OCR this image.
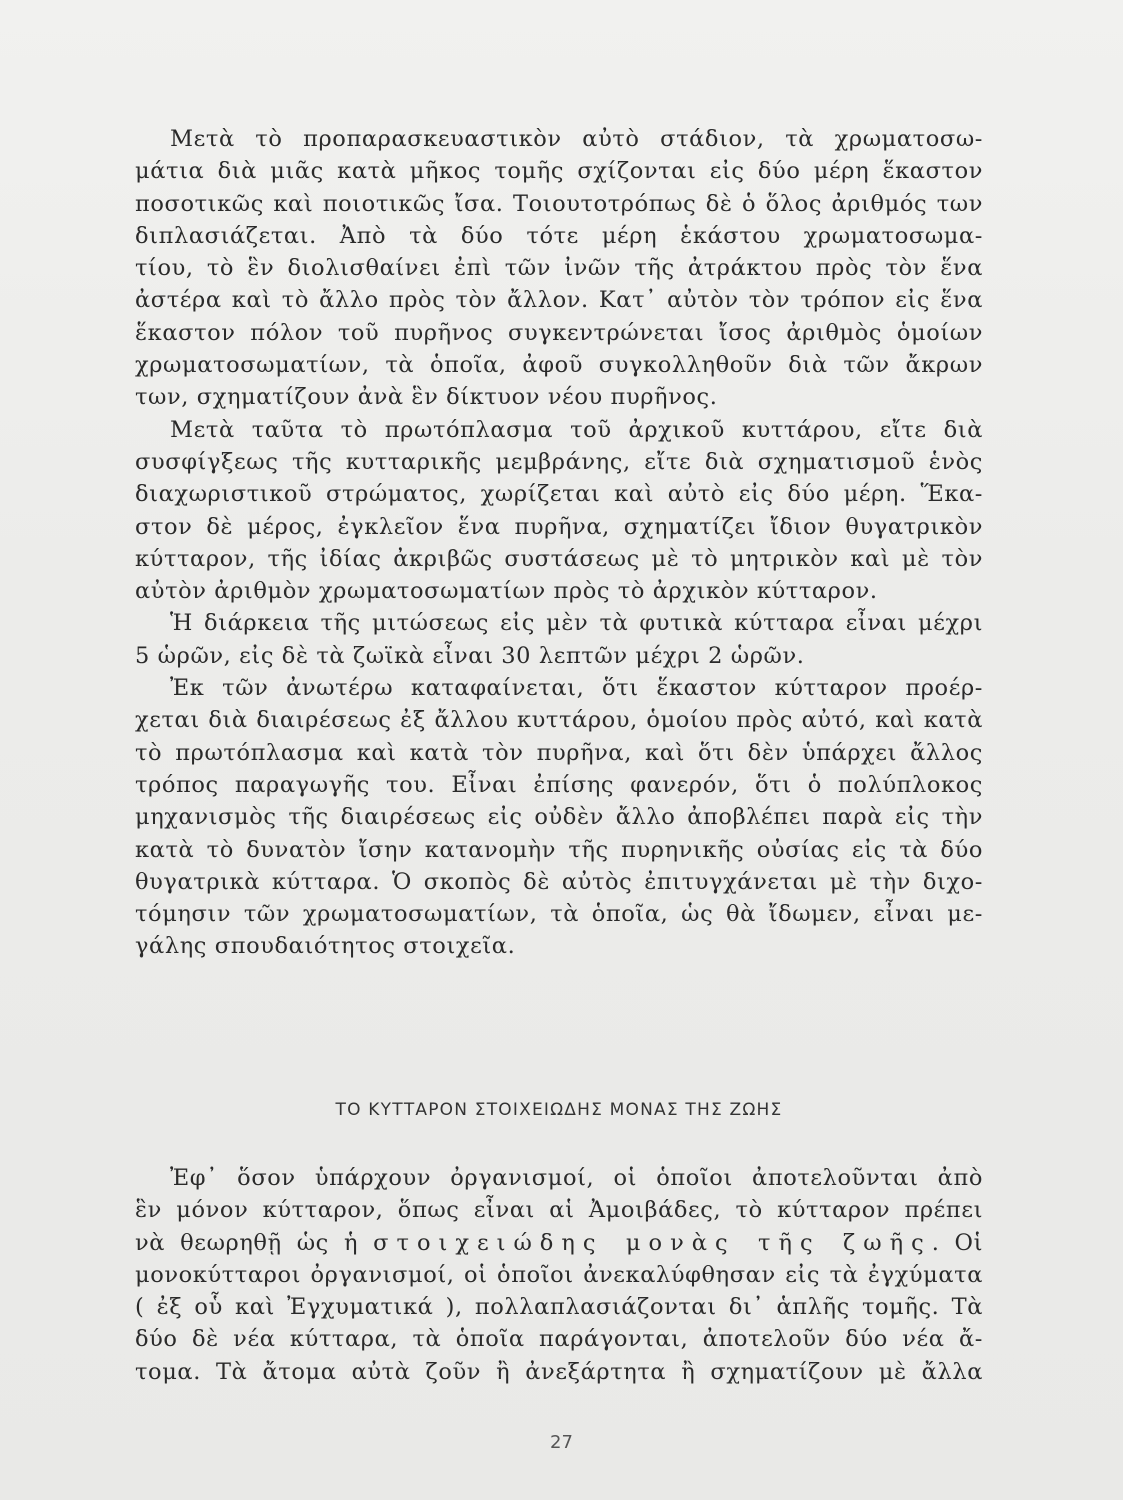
Μετὰ τὸ προπαρασκευαστικὸν αὐτὸ στάδιον, τὰ χρωματοσω-
μάτια διὰ μιᾶς κατὰ μῆκος τομῆς σχίζονται εἰς δύο μέρη ἕκαστον
ποσοτικῶς καὶ ποιοτικῶς ἴσα. Τοιουτοτρόπως δὲ ὁ ὅλος ἀριθμός των
διπλασιάζεται. Ἀπὸ τὰ δύο τότε μέρη ἑκάστου χρωματοσωμα-
τίου, τὸ ἓν διολισθαίνει ἐπὶ τῶν ἰνῶν τῆς ἀτράκτου πρὸς τὸν ἕνα
ἀστέρα καὶ τὸ ἄλλο πρὸς τὸν ἄλλον. Κατ᾽ αὐτὸν τὸν τρόπον εἰς ἕνα
ἕκαστον πόλον τοῦ πυρῆνος συγκεντρώνεται ἴσος ἀριθμὸς ὁμοίων
χρωματοσωματίων, τὰ ὁποῖα, ἀφοῦ συγκολληθοῦν διὰ τῶν ἄκρων
των, σχηματίζουν ἀνὰ ἓν δίκτυον νέου πυρῆνος.
Μετὰ ταῦτα τὸ πρωτόπλασμα τοῦ ἀρχικοῦ κυττάρου, εἴτε διὰ
συσφίγξεως τῆς κυτταρικῆς μεμβράνης, εἴτε διὰ σχηματισμοῦ ἑνὸς
διαχωριστικοῦ στρώματος, χωρίζεται καὶ αὐτὸ εἰς δύο μέρη. Ἕκα-
στον δὲ μέρος, ἐγκλεῖον ἕνα πυρῆνα, σχηματίζει ἴδιον θυγατρικὸν
κύτταρον, τῆς ἰδίας ἀκριβῶς συστάσεως μὲ τὸ μητρικὸν καὶ μὲ τὸν
αὐτὸν ἀριθμὸν χρωματοσωματίων πρὸς τὸ ἀρχικὸν κύτταρον.
Ἡ διάρκεια τῆς μιτώσεως εἰς μὲν τὰ φυτικὰ κύτταρα εἶναι μέχρι
5 ὡρῶν, εἰς δὲ τὰ ζωϊκὰ εἶναι 30 λεπτῶν μέχρι 2 ὡρῶν.
Ἐκ τῶν ἀνωτέρω καταφαίνεται, ὅτι ἕκαστον κύτταρον προέρ-
χεται διὰ διαιρέσεως ἐξ ἄλλου κυττάρου, ὁμοίου πρὸς αὐτό, καὶ κατὰ
τὸ πρωτόπλασμα καὶ κατὰ τὸν πυρῆνα, καὶ ὅτι δὲν ὑπάρχει ἄλλος
τρόπος παραγωγῆς του. Εἶναι ἐπίσης φανερόν, ὅτι ὁ πολύπλοκος
μηχανισμὸς τῆς διαιρέσεως εἰς οὐδὲν ἄλλο ἀποβλέπει παρὰ εἰς τὴν
κατὰ τὸ δυνατὸν ἴσην κατανομὴν τῆς πυρηνικῆς οὐσίας εἰς τὰ δύο
θυγατρικὰ κύτταρα. Ὁ σκοπὸς δὲ αὐτὸς ἐπιτυγχάνεται μὲ τὴν διχο-
τόμησιν τῶν χρωματοσωματίων, τὰ ὁποῖα, ὡς θὰ ἴδωμεν, εἶναι με-
γάλης σπουδαιότητος στοιχεῖα.
ΤΟ ΚΥΤΤΑΡΟΝ ΣΤΟΙΧΕΙΩΔΗΣ ΜΟΝΑΣ ΤΗΣ ΖΩΗΣ
Ἐφ᾽ ὅσον ὑπάρχουν ὀργανισμοί, οἱ ὁποῖοι ἀποτελοῦνται ἀπὸ
ἓν μόνον κύτταρον, ὅπως εἶναι αἱ Ἀμοιβάδες, τὸ κύτταρον πρέπει
νὰ θεωρηθῇ ὡς ἡ στοιχειώδης μονὰς τῆς ζωῆς. Οἱ
μονοκύτταροι ὀργανισμοί, οἱ ὁποῖοι ἀνεκαλύφθησαν εἰς τὰ ἐγχύματα
( ἐξ οὗ καὶ Ἐγχυματικά ), πολλαπλασιάζονται δι᾽ ἁπλῆς τομῆς. Τὰ
δύο δὲ νέα κύτταρα, τὰ ὁποῖα παράγονται, ἀποτελοῦν δύο νέα ἄ-
τομα. Τὰ ἄτομα αὐτὰ ζοῦν ἢ ἀνεξάρτητα ἢ σχηματίζουν μὲ ἄλλα
27
